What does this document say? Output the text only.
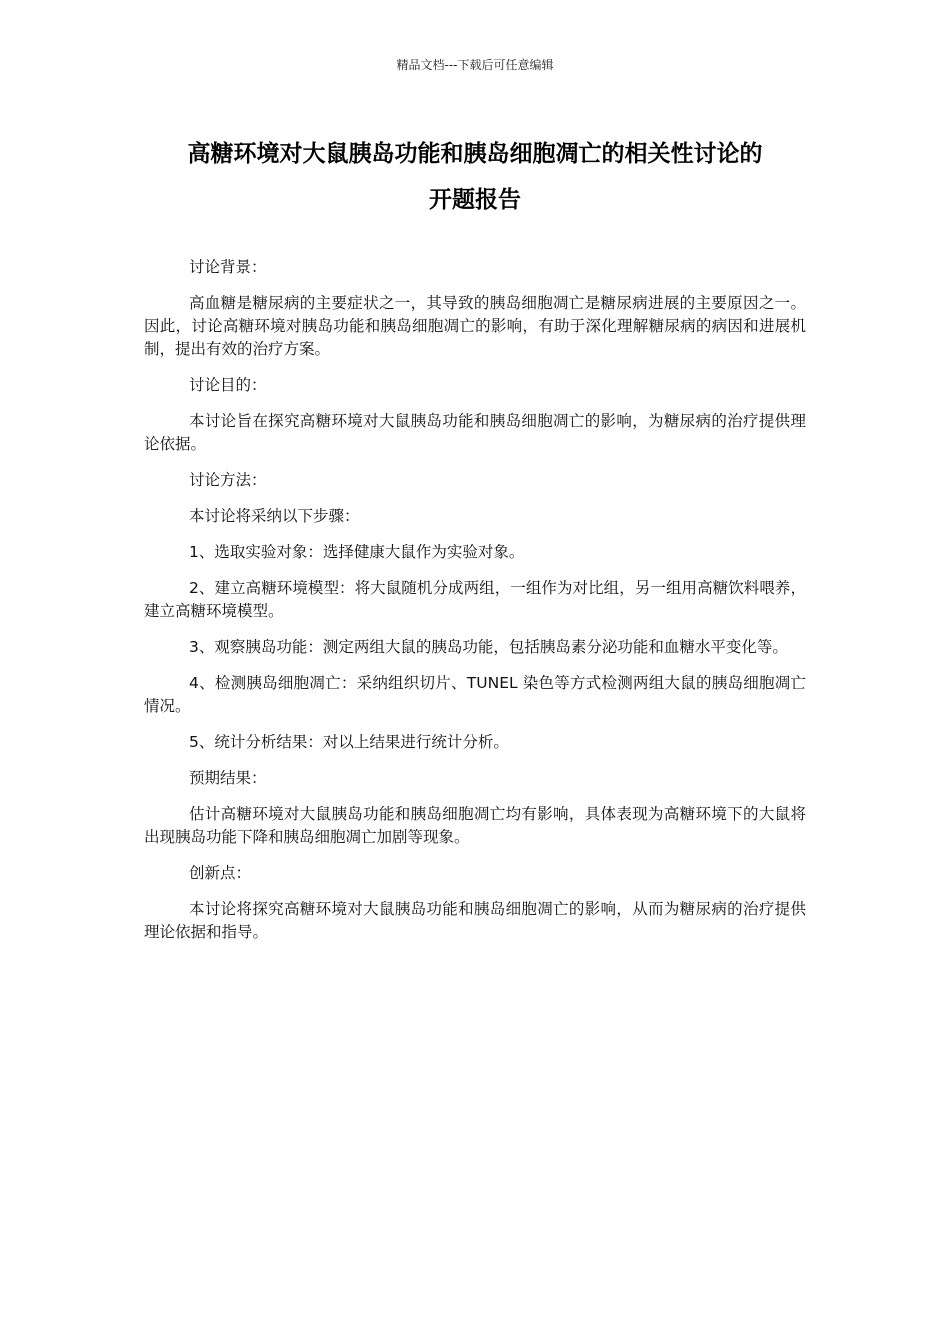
精品文档---下载后可任意编辑
高糖环境对大鼠胰岛功能和胰岛细胞凋亡的相关性讨论的
开题报告

讨论背景：

高血糖是糖尿病的主要症状之一，其导致的胰岛细胞凋亡是糖尿病进展的主要原因之一。因此，讨论高糖环境对胰岛功能和胰岛细胞凋亡的影响，有助于深化理解糖尿病的病因和进展机制，提出有效的治疗方案。

讨论目的：

本讨论旨在探究高糖环境对大鼠胰岛功能和胰岛细胞凋亡的影响，为糖尿病的治疗提供理论依据。

讨论方法：

本讨论将采纳以下步骤：

1、选取实验对象：选择健康大鼠作为实验对象。

2、建立高糖环境模型：将大鼠随机分成两组，一组作为对比组，另一组用高糖饮料喂养，建立高糖环境模型。

3、观察胰岛功能：测定两组大鼠的胰岛功能，包括胰岛素分泌功能和血糖水平变化等。

4、检测胰岛细胞凋亡：采纳组织切片、TUNEL 染色等方式检测两组大鼠的胰岛细胞凋亡情况。

5、统计分析结果：对以上结果进行统计分析。

预期结果：

估计高糖环境对大鼠胰岛功能和胰岛细胞凋亡均有影响，具体表现为高糖环境下的大鼠将出现胰岛功能下降和胰岛细胞凋亡加剧等现象。

创新点：

本讨论将探究高糖环境对大鼠胰岛功能和胰岛细胞凋亡的影响，从而为糖尿病的治疗提供理论依据和指导。
